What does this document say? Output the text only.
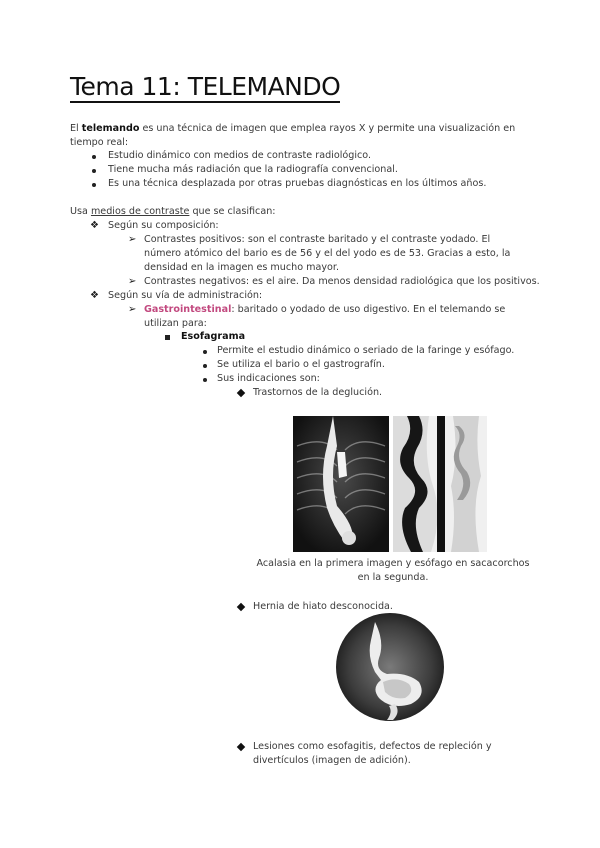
Tema 11: TELEMANDO
El telemando es una técnica de imagen que emplea rayos X y permite una visualización en tiempo real:
Estudio dinámico con medios de contraste radiológico.
Tiene mucha más radiación que la radiografía convencional.
Es una técnica desplazada por otras pruebas diagnósticas en los últimos años.
Usa medios de contraste que se clasifican:
❖ Según su composición:
➢ Contrastes positivos: son el contraste baritado y el contraste yodado. El número atómico del bario es de 56 y el del yodo es de 53. Gracias a esto, la densidad en la imagen es mucho mayor.
➢ Contrastes negativos: es el aire. Da menos densidad radiológica que los positivos.
❖ Según su vía de administración:
➢ Gastrointestinal: baritado o yodado de uso digestivo. En el telemando se utilizan para:
Esofagrama
Permite el estudio dinámico o seriado de la faringe y esófago.
Se utiliza el bario o el gastrografín.
Sus indicaciones son:
Trastornos de la deglución.
Acalasia en la primera imagen y esófago en sacacorchos en la segunda.
Hernia de hiato desconocida.
Lesiones como esofagitis, defectos de repleción y divertículos (imagen de adición).
